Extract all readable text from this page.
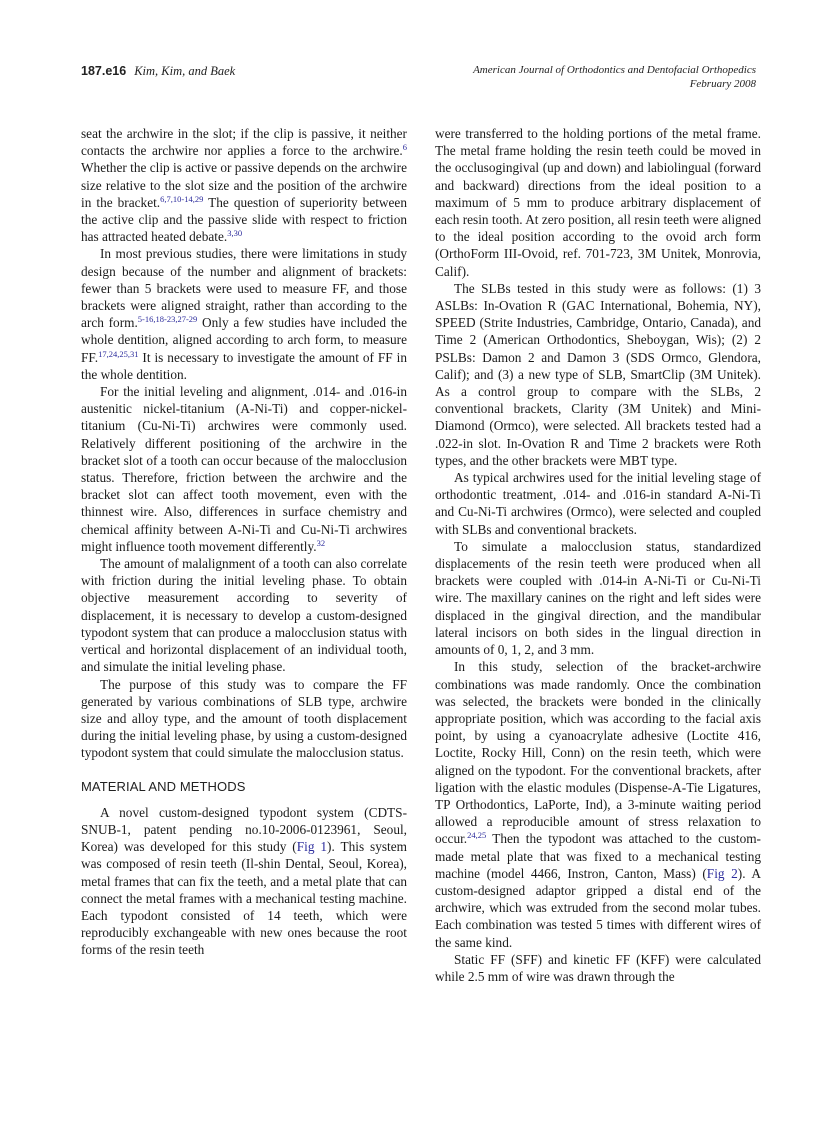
187.e16 Kim, Kim, and Baek	American Journal of Orthodontics and Dentofacial Orthopedics
February 2008

seat the archwire in the slot; if the clip is passive, it neither contacts the archwire nor applies a force to the archwire.$^6$ Whether the clip is active or passive depends on the archwire size relative to the slot size and the position of the archwire in the bracket.$^{6,7,10-14,29}$ The question of superiority between the active clip and the passive slide with respect to friction has attracted heated debate.$^{3,30}$

In most previous studies, there were limitations in study design because of the number and alignment of brackets: fewer than 5 brackets were used to measure FF, and those brackets were aligned straight, rather than according to the arch form.$^{5-16,18-23,27-29}$ Only a few studies have included the whole dentition, aligned according to arch form, to measure FF.$^{17,24,25,31}$ It is necessary to investigate the amount of FF in the whole dentition.

For the initial leveling and alignment, .014- and .016-in austenitic nickel-titanium (A-Ni-Ti) and copper-nickel-titanium (Cu-Ni-Ti) archwires were commonly used. Relatively different positioning of the archwire in the bracket slot of a tooth can occur because of the malocclusion status. Therefore, friction between the archwire and the bracket slot can affect tooth movement, even with the thinnest wire. Also, differences in surface chemistry and chemical affinity between A-Ni-Ti and Cu-Ni-Ti archwires might influence tooth movement differently.$^{32}$

The amount of malalignment of a tooth can also correlate with friction during the initial leveling phase. To obtain objective measurement according to severity of displacement, it is necessary to develop a custom-designed typodont system that can produce a malocclusion status with vertical and horizontal displacement of an individual tooth, and simulate the initial leveling phase.

The purpose of this study was to compare the FF generated by various combinations of SLB type, archwire size and alloy type, and the amount of tooth displacement during the initial leveling phase, by using a custom-designed typodont system that could simulate the malocclusion status.

MATERIAL AND METHODS

A novel custom-designed typodont system (CDTS-SNUB-1, patent pending no.10-2006-0123961, Seoul, Korea) was developed for this study (Fig 1). This system was composed of resin teeth (Il-shin Dental, Seoul, Korea), metal frames that can fix the teeth, and a metal plate that can connect the metal frames with a mechanical testing machine. Each typodont consisted of 14 teeth, which were reproducibly exchangeable with new ones because the root forms of the resin teeth

were transferred to the holding portions of the metal frame. The metal frame holding the resin teeth could be moved in the occlusogingival (up and down) and labiolingual (forward and backward) directions from the ideal position to a maximum of 5 mm to produce arbitrary displacement of each resin tooth. At zero position, all resin teeth were aligned to the ideal position according to the ovoid arch form (OrthoForm III-Ovoid, ref. 701-723, 3M Unitek, Monrovia, Calif).

The SLBs tested in this study were as follows: (1) 3 ASLBs: In-Ovation R (GAC International, Bohemia, NY), SPEED (Strite Industries, Cambridge, Ontario, Canada), and Time 2 (American Orthodontics, Sheboygan, Wis); (2) 2 PSLBs: Damon 2 and Damon 3 (SDS Ormco, Glendora, Calif); and (3) a new type of SLB, SmartClip (3M Unitek). As a control group to compare with the SLBs, 2 conventional brackets, Clarity (3M Unitek) and Mini-Diamond (Ormco), were selected. All brackets tested had a .022-in slot. In-Ovation R and Time 2 brackets were Roth types, and the other brackets were MBT type.

As typical archwires used for the initial leveling stage of orthodontic treatment, .014- and .016-in standard A-Ni-Ti and Cu-Ni-Ti archwires (Ormco), were selected and coupled with SLBs and conventional brackets.

To simulate a malocclusion status, standardized displacements of the resin teeth were produced when all brackets were coupled with .014-in A-Ni-Ti or Cu-Ni-Ti wire. The maxillary canines on the right and left sides were displaced in the gingival direction, and the mandibular lateral incisors on both sides in the lingual direction in amounts of 0, 1, 2, and 3 mm.

In this study, selection of the bracket-archwire combinations was made randomly. Once the combination was selected, the brackets were bonded in the clinically appropriate position, which was according to the facial axis point, by using a cyanoacrylate adhesive (Loctite 416, Loctite, Rocky Hill, Conn) on the resin teeth, which were aligned on the typodont. For the conventional brackets, after ligation with the elastic modules (Dispense-A-Tie Ligatures, TP Orthodontics, LaPorte, Ind), a 3-minute waiting period allowed a reproducible amount of stress relaxation to occur.$^{24,25}$ Then the typodont was attached to the custom-made metal plate that was fixed to a mechanical testing machine (model 4466, Instron, Canton, Mass) (Fig 2). A custom-designed adaptor gripped a distal end of the archwire, which was extruded from the second molar tubes. Each combination was tested 5 times with different wires of the same kind.

Static FF (SFF) and kinetic FF (KFF) were calculated while 2.5 mm of wire was drawn through the
